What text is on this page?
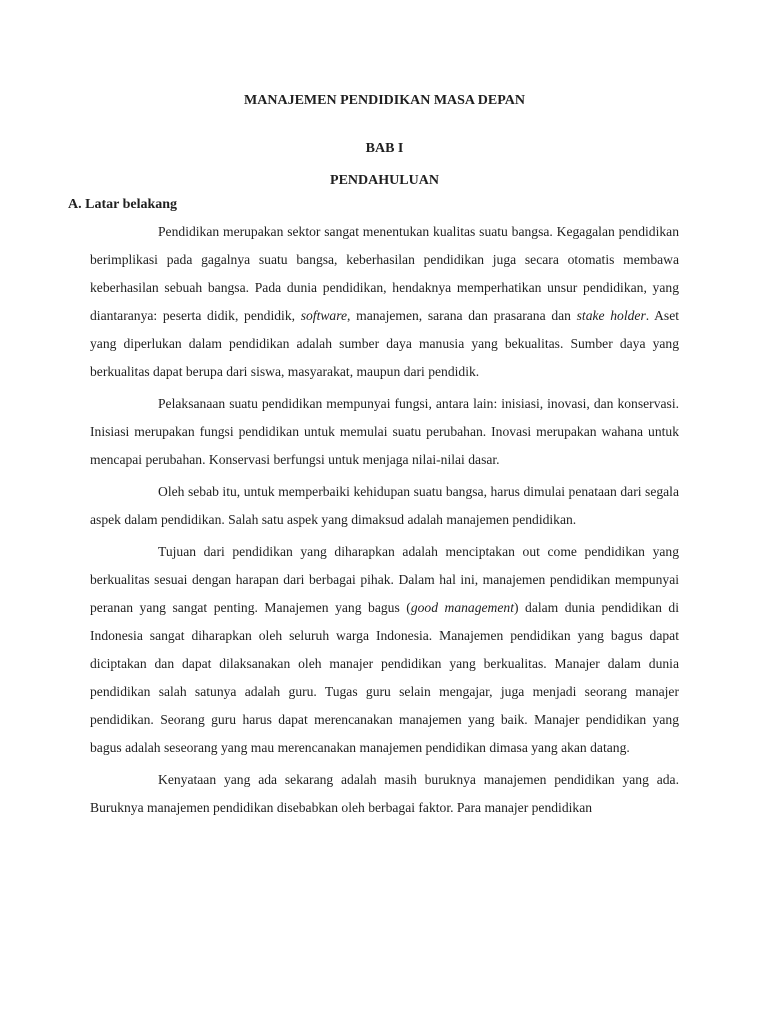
MANAJEMEN PENDIDIKAN MASA DEPAN

BAB I

PENDAHULUAN

A. Latar belakang

Pendidikan merupakan sektor sangat menentukan kualitas suatu bangsa. Kegagalan pendidikan berimplikasi pada gagalnya suatu bangsa, keberhasilan pendidikan juga secara otomatis membawa keberhasilan sebuah bangsa. Pada dunia pendidikan, hendaknya memperhatikan unsur pendidikan, yang diantaranya: peserta didik, pendidik, software, manajemen, sarana dan prasarana dan stake holder. Aset yang diperlukan dalam pendidikan adalah sumber daya manusia yang bekualitas. Sumber daya yang berkualitas dapat berupa dari siswa, masyarakat, maupun dari pendidik.

Pelaksanaan suatu pendidikan mempunyai fungsi, antara lain: inisiasi, inovasi, dan konservasi. Inisiasi merupakan fungsi pendidikan untuk memulai suatu perubahan. Inovasi merupakan wahana untuk mencapai perubahan. Konservasi berfungsi untuk menjaga nilai-nilai dasar.

Oleh sebab itu, untuk memperbaiki kehidupan suatu bangsa, harus dimulai penataan dari segala aspek dalam pendidikan. Salah satu aspek yang dimaksud adalah manajemen pendidikan.

Tujuan dari pendidikan yang diharapkan adalah menciptakan out come pendidikan yang berkualitas sesuai dengan harapan dari berbagai pihak. Dalam hal ini, manajemen pendidikan mempunyai peranan yang sangat penting. Manajemen yang bagus (good management) dalam dunia pendidikan di Indonesia sangat diharapkan oleh seluruh warga Indonesia. Manajemen pendidikan yang bagus dapat diciptakan dan dapat dilaksanakan oleh manajer pendidikan yang berkualitas. Manajer dalam dunia pendidikan salah satunya adalah guru. Tugas guru selain mengajar, juga menjadi seorang manajer pendidikan. Seorang guru harus dapat merencanakan manajemen yang baik. Manajer pendidikan yang bagus adalah seseorang yang mau merencanakan manajemen pendidikan dimasa yang akan datang.

Kenyataan yang ada sekarang adalah masih buruknya manajemen pendidikan yang ada. Buruknya manajemen pendidikan disebabkan oleh berbagai faktor. Para manajer pendidikan
